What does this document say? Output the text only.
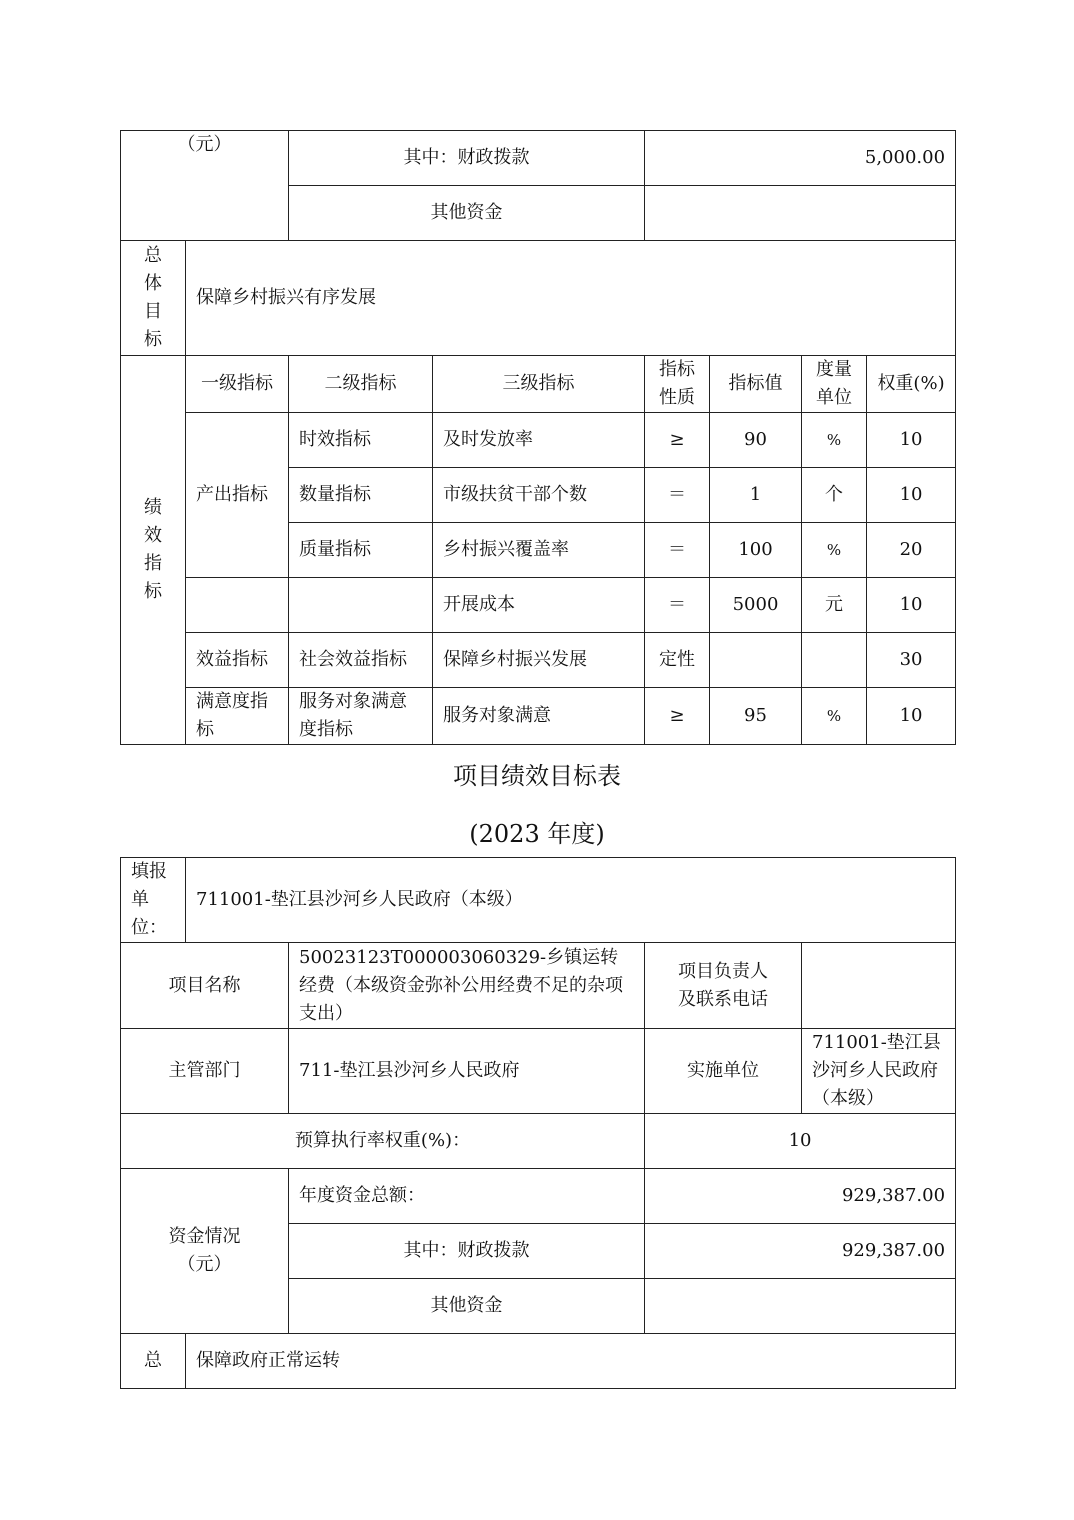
（元）		其中：财政拨款		5,000.00			
		其他资金					

总体目标	保障乡村振兴有序发展						

绩效指标	一级指标	二级指标	三级指标	指标性质	指标值	度量单位	权重(%)
	产出指标	时效指标	及时发放率	≥	90	%	10
		数量指标	市级扶贫干部个数	＝	1	个	10
		质量指标	乡村振兴覆盖率	＝	100	%	20
			开展成本	＝	5000	元	10
	效益指标	社会效益指标	保障乡村振兴发展	定性			30
	满意度指标	服务对象满意度指标	服务对象满意	≥	95	%	10
项目绩效目标表
(2023 年度)
填报单位：	711001-垫江县沙河乡人民政府（本级）			
项目名称		50023123T000003060329-乡镇运转经费（本级资金弥补公用经费不足的杂项支出）	项目负责人及联系电话	

主管部门		711-垫江县沙河乡人民政府	实施单位	711001-垫江县沙河乡人民政府（本级）
预算执行率权重(%)：			10	

资金情况
（元）		年度资金总额：	929,387.00	
		其中：财政拨款	929,387.00	
		其他资金		
总	保障政府正常运转			
